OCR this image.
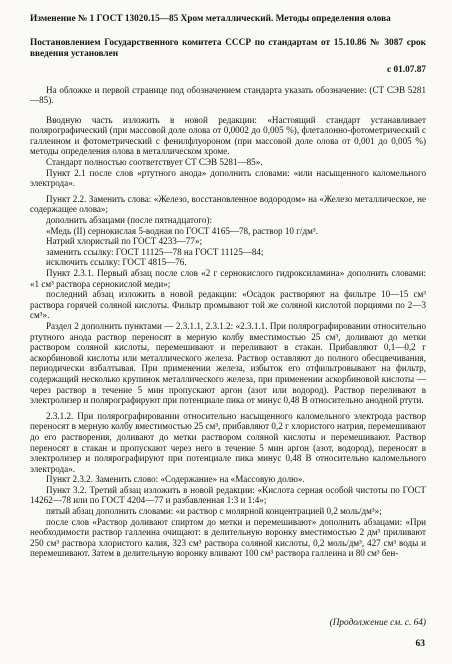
Изменение № 1 ГОСТ 13020.15—85 Хром металлический. Методы определения олова

Постановлением Государственного комитета СССР по стандартам от 15.10.86 № 3087 срок введения установлен

с 01.07.87

На обложке и первой странице под обозначением стандарта указать обозначение: (СТ СЭВ 5281—85).

Вводную часть изложить в новой редакции: «Настоящий стандарт устанавливает полярографический (при массовой доле олова от 0,0002 до 0,005 %), флеталонно-фотометрический с галлеином и фотометрический с фенилфлуороном (при массовой доле олова от 0,001 до 0,005 %) методы определения олова в металлическом хроме.

Стандарт полностью соответствует СТ СЭВ 5281—85».

Пункт 2.1 после слов «ртутного анода» дополнить словами: «или насыщенного каломельного электрода».

Пункт 2.2. Заменить слова: «Железо, восстановленное водородом» на «Железо металлическое, не содержащее олова»;

дополнить абзацами (после пятнадцатого):

«Медь (II) сернокислая 5-водная по ГОСТ 4165—78, раствор 10 г/дм³.

Натрий хлористый по ГОСТ 4233—77»;

заменить ссылку: ГОСТ 11125—78 на ГОСТ 11125—84;

исключить ссылку: ГОСТ 4815—76.

Пункт 2.3.1. Первый абзац после слов «2 г сернокислого гидроксиламина» дополнить словами: «1 см³ раствора сернокислой меди»;

последний абзац изложить в новой редакции: «Осадок растворяют на фильтре 10—15 см³ раствора горячей соляной кислоты. Фильтр промывают той же соляной кислотой порциями по 2—3 см³».

Раздел 2 дополнить пунктами — 2.3.1.1, 2.3.1.2: «2.3.1.1. При полярографировании относительно ртутного анода раствор переносят в мерную колбу вместимостью 25 см³, доливают до метки раствором соляной кислоты, перемешивают и переливают в стакан. Прибавляют 0,1—0,2 г аскорбиновой кислоты или металлического железа. Раствор оставляют до полного обесцвечивания, периодически взбалтывая. При применении железа, избыток его отфильтровывают на фильтр, содержащий несколько крупинок металлического железа, при применении аскорбиновой кислоты — через раствор в течение 5 мин пропускают аргон (азот или водород). Раствор переливают в электролизер и полярографируют при потенциале пика от минус 0,48 В относительно анодной ртути.

2.3.1.2. При полярографировании относительно насыщенного каломельного электрода раствор переносят в мерную колбу вместимостью 25 см³, прибавляют 0,2 г хлористого натрия, перемешивают до его растворения, доливают до метки раствором соляной кислоты и перемешивают. Раствор переносят в стакан и пропускают через него в течение 5 мин аргон (азот, водород), переносят в электролизер и полярографируют при потенциале пика минус 0,48 В относительно каломельного электрода».

Пункт 2.3.2. Заменить слово: «Содержание» на «Массовую долю».

Пункт 3.2. Третий абзац изложить в новой редакции: «Кислота серная особой чистоты по ГОСТ 14262—78 или по ГОСТ 4204—77 и разбавленная 1:3 и 1:4»;

пятый абзац дополнить словами: «и раствор с молярной концентрацией 0,2 моль/дм³»;

после слов «Раствор доливают спиртом до метки и перемешивают» дополнить абзацами: «При необходимости раствор галлеина очищают: в делительную воронку вместимостью 2 дм³ приливают 250 см³ раствора хлористого калия, 323 см³ раствора соляной кислоты, 0,2 моль/дм³, 427 см³ воды и перемешивают. Затем в делительную воронку вливают 100 см³ раствора галлеина и 80 см³ бен-

(Продолжение см. с. 64)
63
